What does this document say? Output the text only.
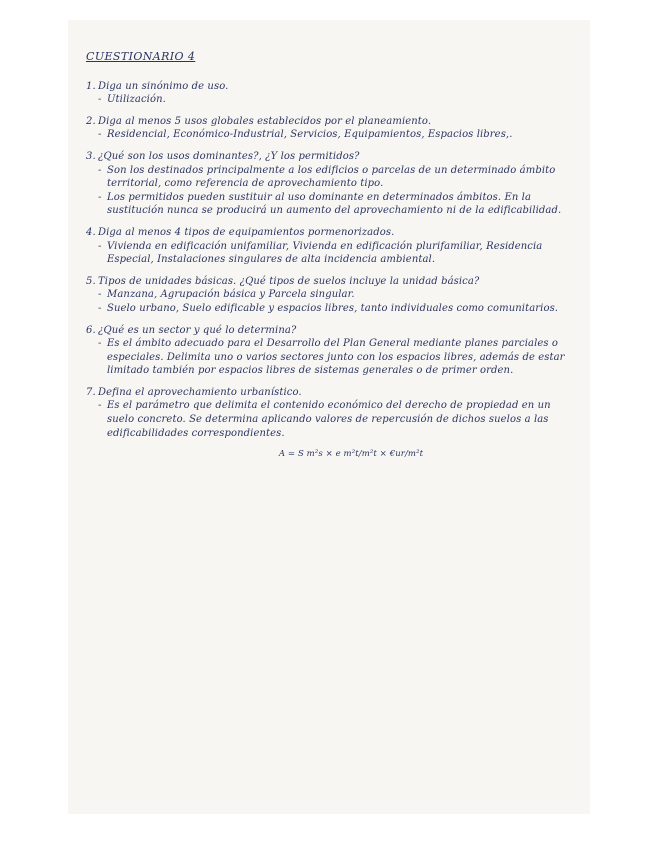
CUESTIONARIO 4
1. Diga un sinónimo de uso.
- Utilización.
2. Diga al menos 5 usos globales establecidos por el planeamiento.
- Residencial, Económico-Industrial, Servicios, Equipamientos, Espacios libres,.
3. ¿Qué son los usos dominantes?, ¿Y los permitidos?
- Son los destinados principalmente a los edificios o parcelas de un determinado ámbito territorial, como referencia de aprovechamiento tipo.
- Los permitidos pueden sustituir al uso dominante en determinados ámbitos. En la sustitución nunca se producirá un aumento del aprovechamiento ni de la edificabilidad.
4. Diga al menos 4 tipos de equipamientos pormenorizados.
- Vivienda en edificación unifamiliar, Vivienda en edificación plurifamiliar, Residencia Especial, Instalaciones singulares de alta incidencia ambiental.
5. Tipos de unidades básicas. ¿Qué tipos de suelos incluye la unidad básica?
- Manzana, Agrupación básica y Parcela singular.
- Suelo urbano, Suelo edificable y espacios libres, tanto individuales como comunitarios.
6. ¿Qué es un sector y qué lo determina?
- Es el ámbito adecuado para el Desarrollo del Plan General mediante planes parciales o especiales. Delimita uno o varios sectores junto con los espacios libres, además de estar limitado también por espacios libres de sistemas generales o de primer orden.
7. Defina el aprovechamiento urbanístico.
- Es el parámetro que delimita el contenido económico del derecho de propiedad en un suelo concreto. Se determina aplicando valores de repercusión de dichos suelos a las edificabilidades correspondientes.
A = S m²s × e m²t/m²t × €ur/m²t
